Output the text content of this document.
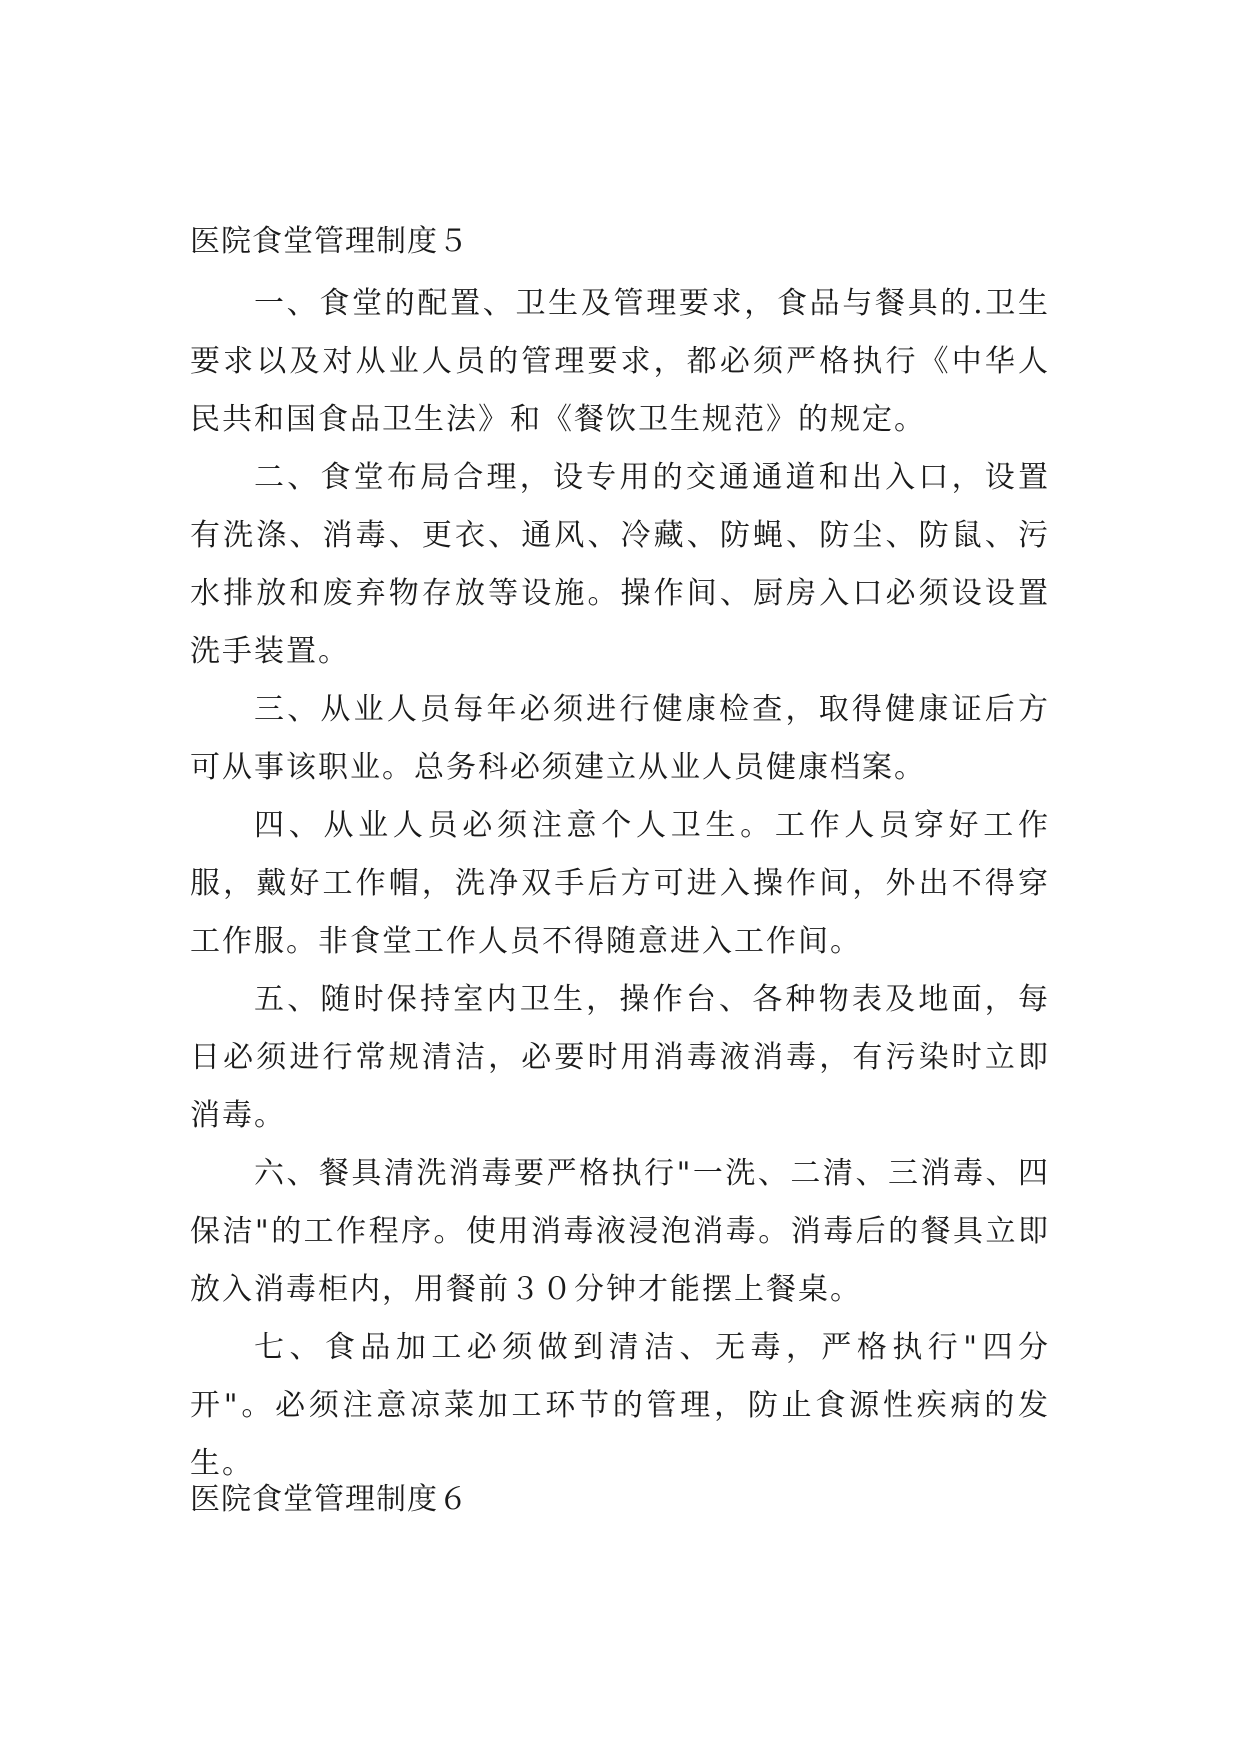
医院食堂管理制度５

一、食堂的配置、卫生及管理要求，食品与餐具的.卫生要求以及对从业人员的管理要求，都必须严格执行《中华人民共和国食品卫生法》和《餐饮卫生规范》的规定。

二、食堂布局合理，设专用的交通通道和出入口，设置有洗涤、消毒、更衣、通风、冷藏、防蝇、防尘、防鼠、污水排放和废弃物存放等设施。操作间、厨房入口必须设设置洗手装置。

三、从业人员每年必须进行健康检查，取得健康证后方可从事该职业。总务科必须建立从业人员健康档案。

四、从业人员必须注意个人卫生。工作人员穿好工作服，戴好工作帽，洗净双手后方可进入操作间，外出不得穿工作服。非食堂工作人员不得随意进入工作间。

五、随时保持室内卫生，操作台、各种物表及地面，每日必须进行常规清洁，必要时用消毒液消毒，有污染时立即消毒。

六、餐具清洗消毒要严格执行"一洗、二清、三消毒、四保洁"的工作程序。使用消毒液浸泡消毒。消毒后的餐具立即放入消毒柜内，用餐前３０分钟才能摆上餐桌。

七、食品加工必须做到清洁、无毒，严格执行"四分开"。必须注意凉菜加工环节的管理，防止食源性疾病的发生。

医院食堂管理制度６
